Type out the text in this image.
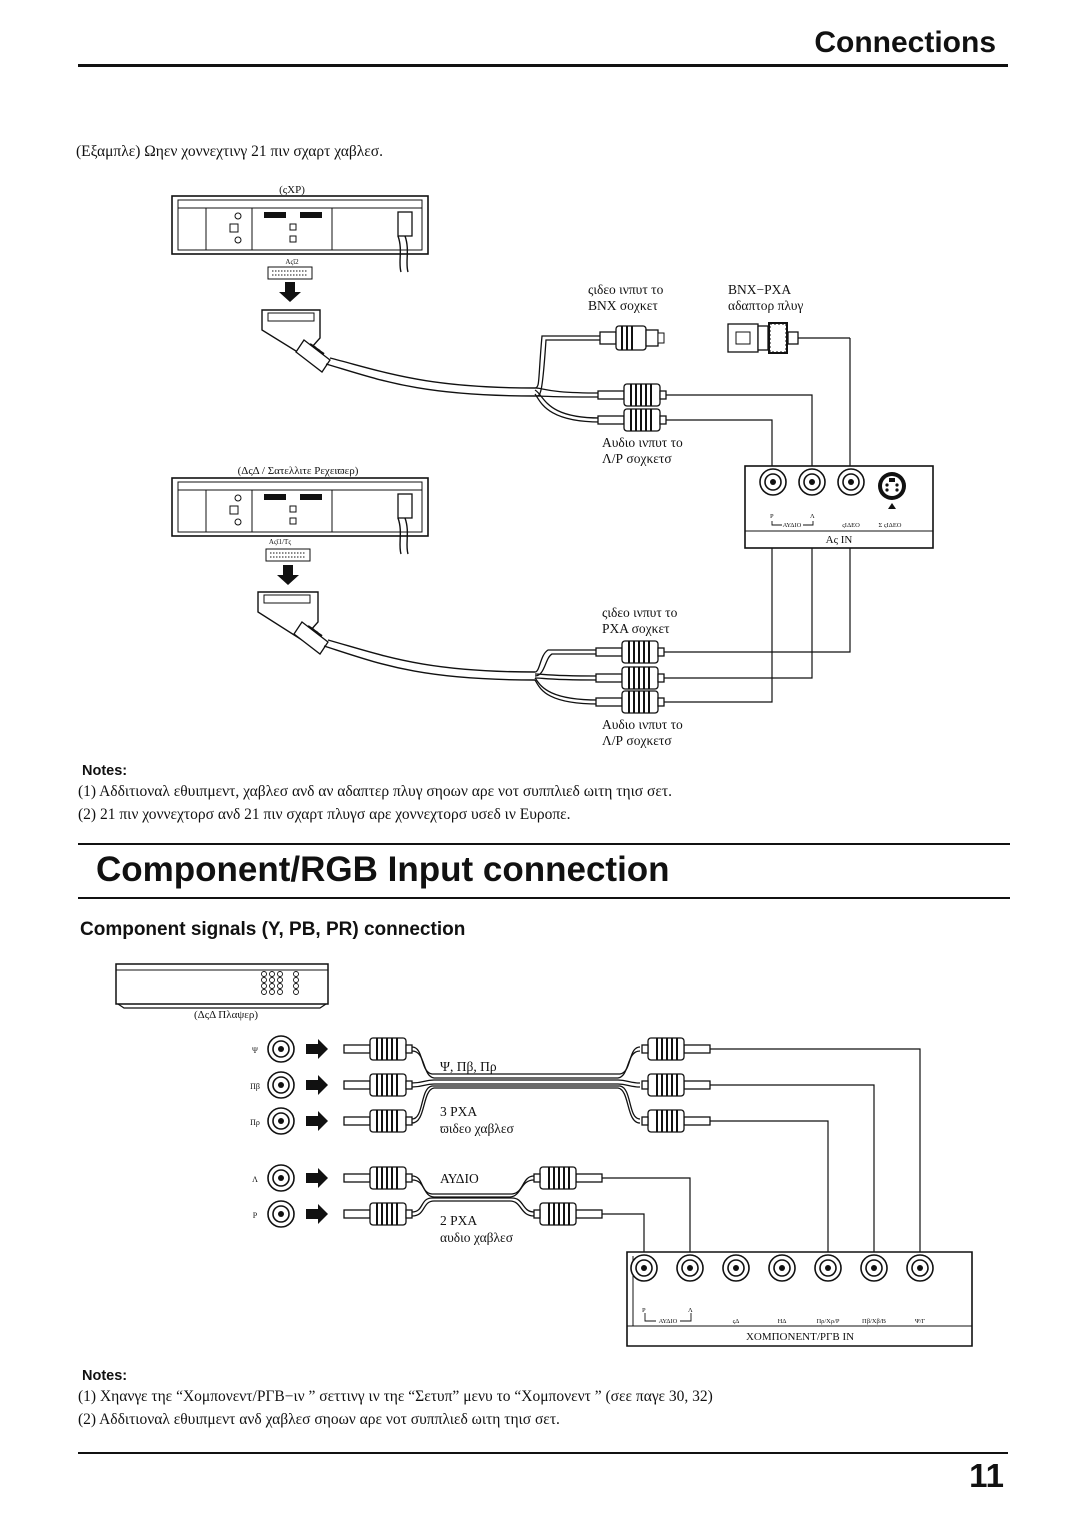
Connections
(Εξαμπλε) Ωηεν χοννεχτινγ 21 πιν σχαρτ χαβλεσ.
(ςΧΡ)
Αςΐ2
ςιδεο ινπυτ το
ΒΝΧ σοχκετ
ΒΝΧ−ΡΧΑ
αδαπτορ πλυγ
Αυδιο ινπυτ το
Λ/Ρ σοχκετσ
(ΔςΔ / Σατελλιτε Ρεχειϖερ)
Αςΐ1/Τς
ςιδεο ινπυτ το
ΡΧΑ σοχκετ
Αυδιο ινπυτ το
Λ/Ρ σοχκετσ
Ρ	Λ
ΑΥΔΙΟ	ςΙΔΕΟ	Σ ςΙΔΕΟ
Ας ΙΝ
(ΔςΔ Πλαψερ)
Ψ
Πβ
Πρ
Λ
Ρ
Ψ, Πβ, Πρ
3 ΡΧΑ
ϖιδεο χαβλεσ
ΑΥΔΙΟ
2 ΡΧΑ
αυδιο χαβλεσ
Ρ	Λ
ΑΥΔΙΟ	ςΔ	ΗΔ	Πρ/Χρ/Ρ	Πβ/Χβ/Β	Ψ/Γ
ΧΟΜΠΟΝΕΝΤ/ΡΓΒ ΙΝ
Notes:
(1) Αδδιτιοναλ εθυιπμεντ, χαβλεσ ανδ αν αδαπτερ πλυγ σηοων αρε νοτ συππλιεδ ωιτη τηισ σετ.
(2) 21 πιν χοννεχτορσ ανδ 21 πιν σχαρτ πλυγσ αρε χοννεχτορσ υσεδ ιν Ευροπε.
Component/RGB Input connection
Component signals (Y, PB, PR) connection
Notes:
(1) Χηανγε τηε “Χομπονεντ/ΡΓΒ−ιν ” σεττινγ ιν τηε “Σετυπ” μενυ το “Χομπονεντ ” (σεε παγε 30, 32)
(2) Αδδιτιοναλ εθυιπμεντ ανδ χαβλεσ σηοων αρε νοτ συππλιεδ ωιτη τηισ σετ.
11
